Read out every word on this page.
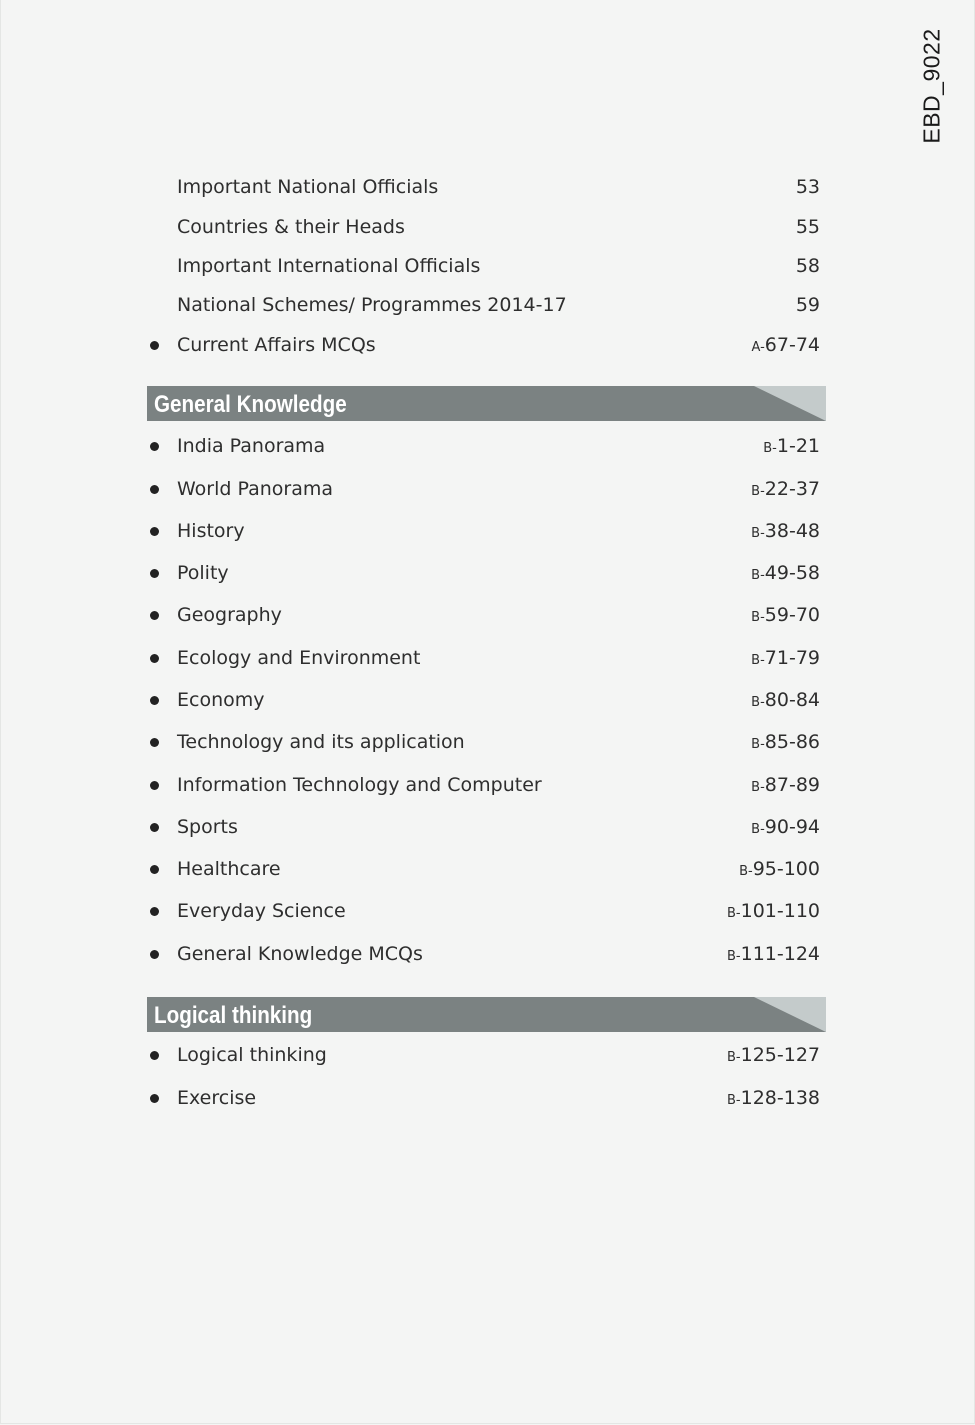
EBD_9022
Important National Officials	53
Countries & their Heads	55
Important International Officials	58
National Schemes/ Programmes 2014-17	59
Current Affairs MCQs	A-67-74
General Knowledge
India Panorama	B-1-21
World Panorama	B-22-37
History	B-38-48
Polity	B-49-58
Geography	B-59-70
Ecology and Environment	B-71-79
Economy	B-80-84
Technology and its application	B-85-86
Information Technology and Computer	B-87-89
Sports	B-90-94
Healthcare	B-95-100
Everyday Science	B-101-110
General Knowledge MCQs	B-111-124
Logical thinking
Logical thinking	B-125-127
Exercise	B-128-138
